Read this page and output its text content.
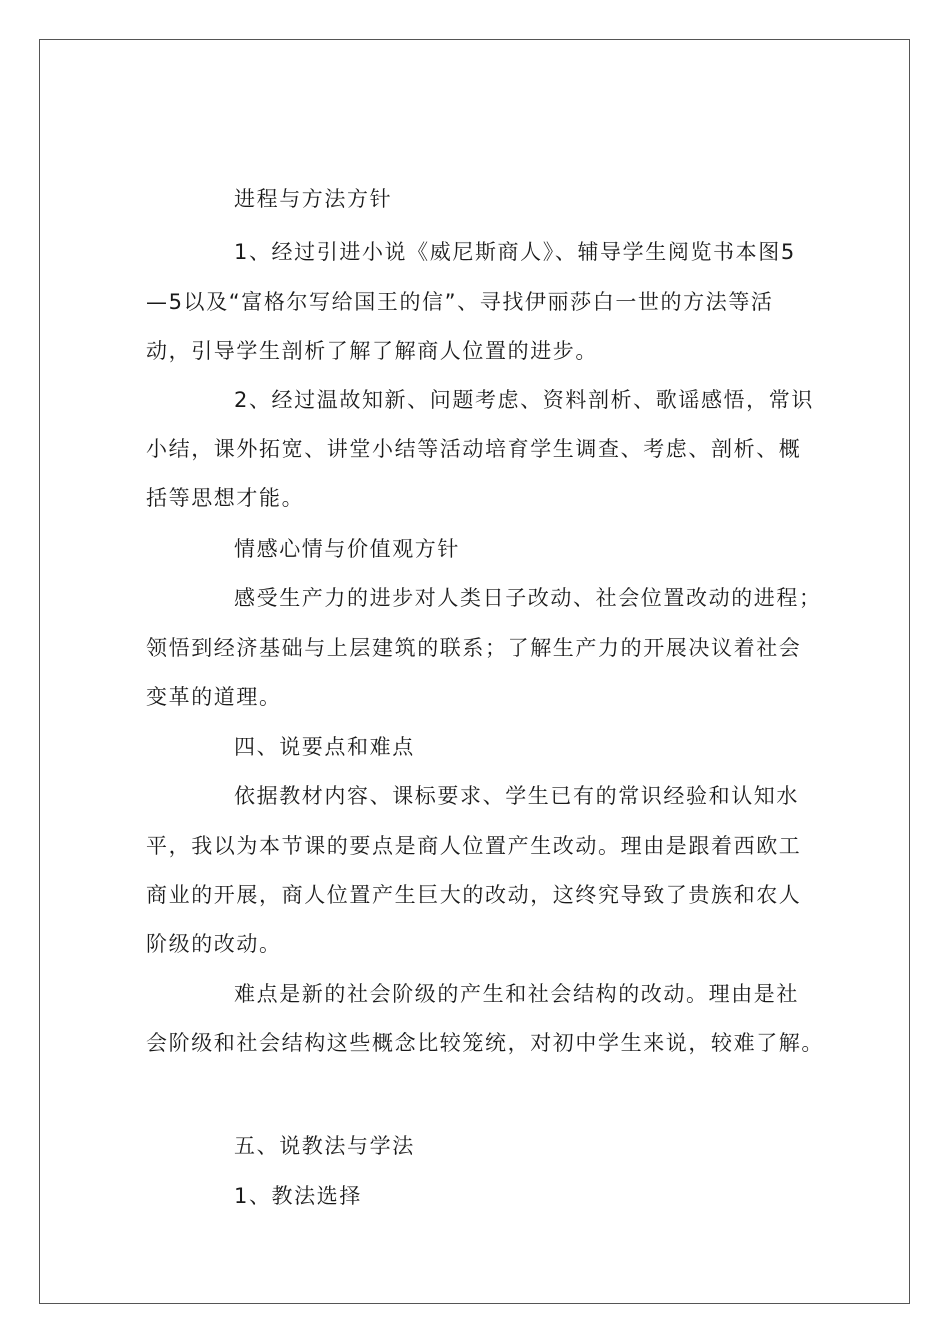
进程与方法方针
1、经过引进小说《威尼斯商人》、辅导学生阅览书本图5
—5以及“富格尔写给国王的信”、寻找伊丽莎白一世的方法等活
动，引导学生剖析了解了解商人位置的进步。
2、经过温故知新、问题考虑、资料剖析、歌谣感悟，常识
小结，课外拓宽、讲堂小结等活动培育学生调查、考虑、剖析、概
括等思想才能。
情感心情与价值观方针
感受生产力的进步对人类日子改动、社会位置改动的进程；
领悟到经济基础与上层建筑的联系；了解生产力的开展决议着社会
变革的道理。
四、说要点和难点
依据教材内容、课标要求、学生已有的常识经验和认知水
平，我以为本节课的要点是商人位置产生改动。理由是跟着西欧工
商业的开展，商人位置产生巨大的改动，这终究导致了贵族和农人
阶级的改动。
难点是新的社会阶级的产生和社会结构的改动。理由是社
会阶级和社会结构这些概念比较笼统，对初中学生来说，较难了解。
五、说教法与学法
1、教法选择
